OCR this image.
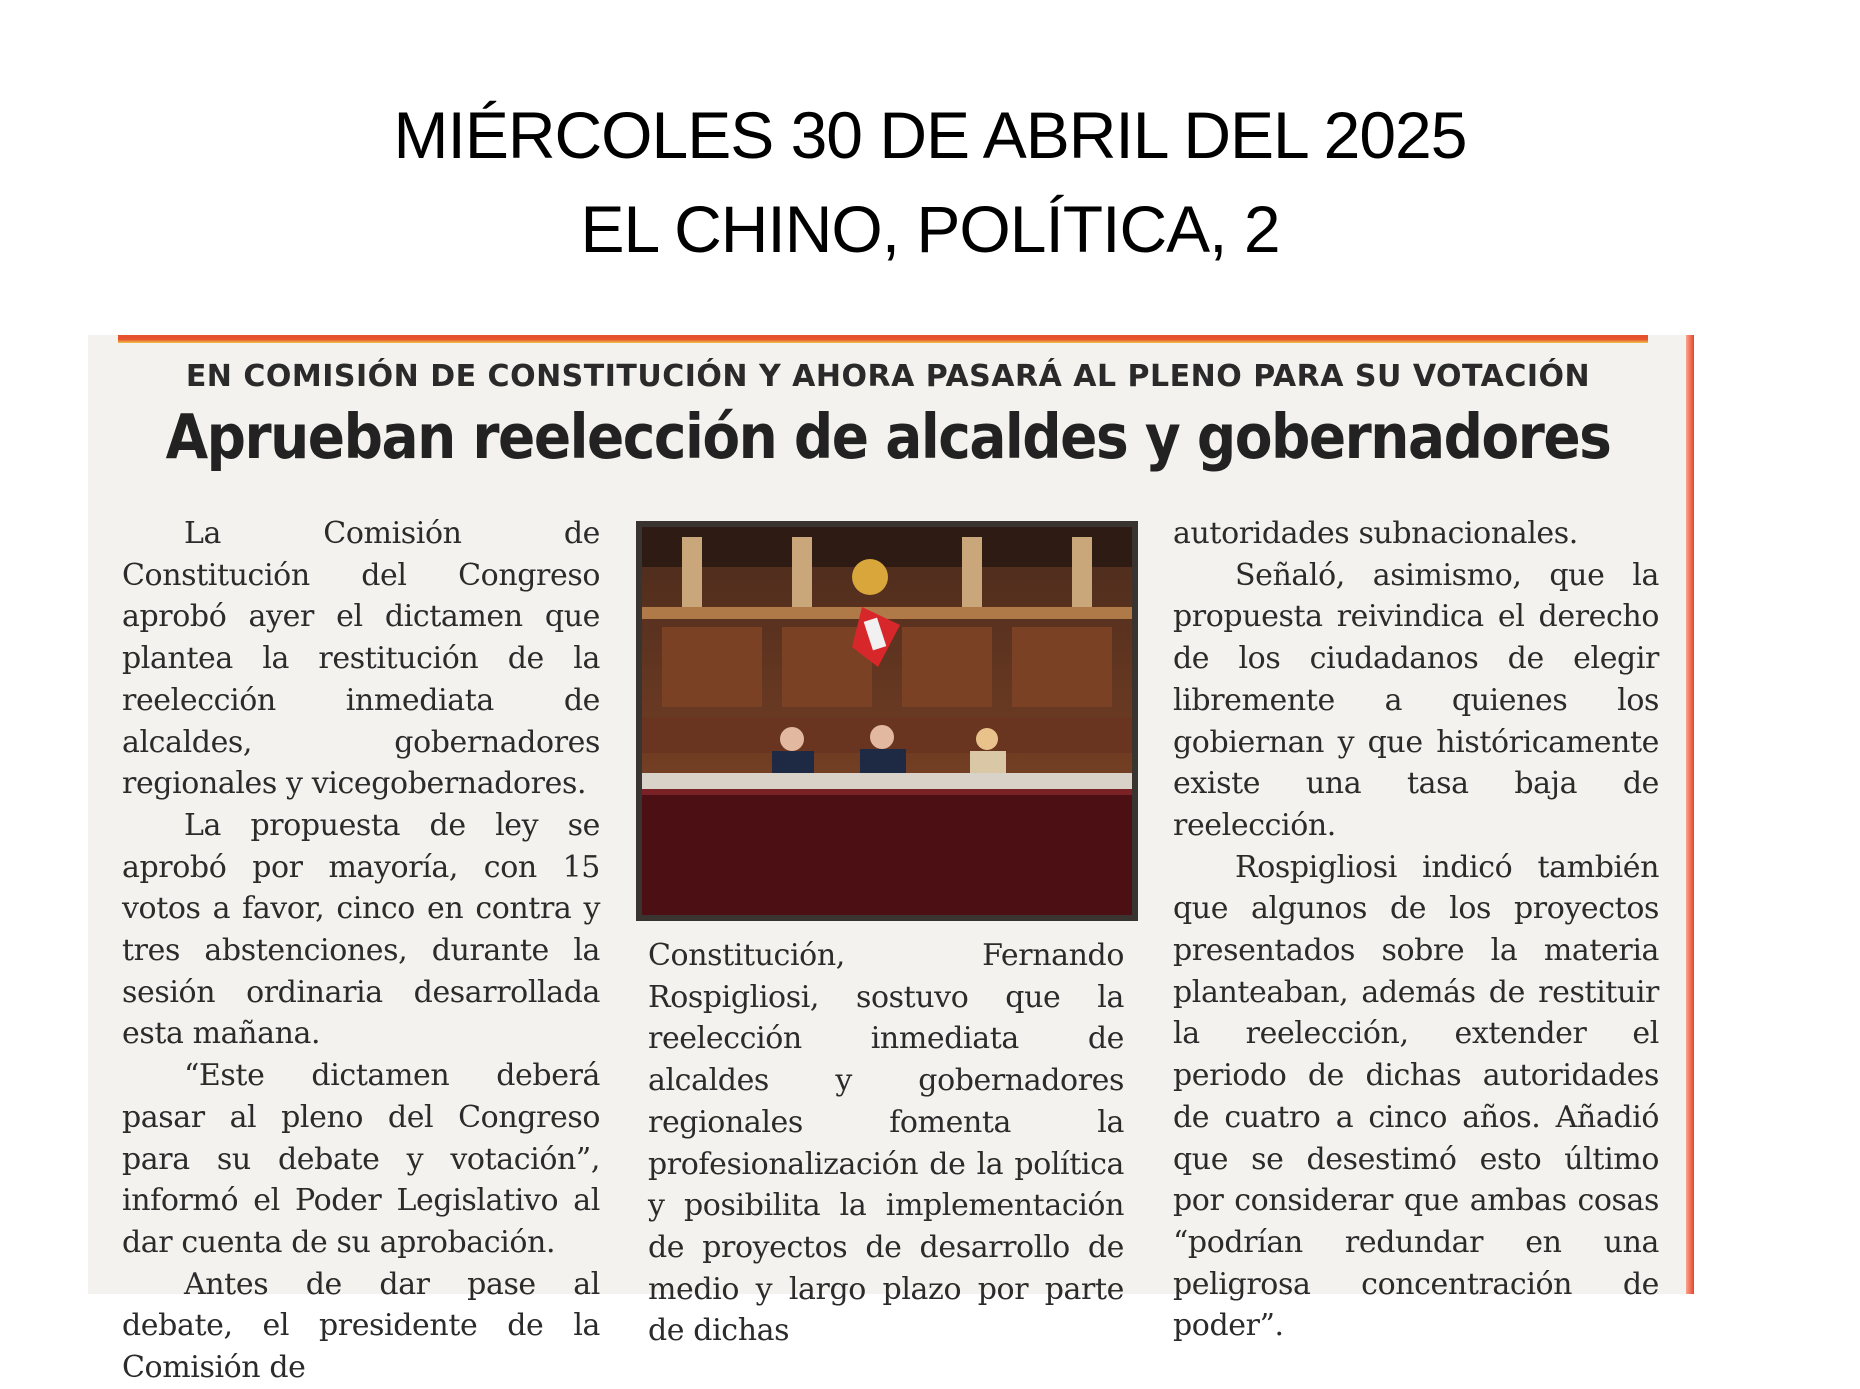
MIÉRCOLES 30 DE ABRIL DEL 2025
EL CHINO, POLÍTICA, 2
EN COMISIÓN DE CONSTITUCIÓN Y AHORA PASARÁ AL PLENO PARA SU VOTACIÓN
Aprueban reelección de alcaldes y gobernadores

La Comisión de Constitución del Congreso aprobó ayer el dictamen que plantea la restitución de la reelección inmediata de alcaldes, gobernadores regionales y vicegobernadores.

La propuesta de ley se aprobó por mayoría, con 15 votos a favor, cinco en contra y tres abstenciones, durante la sesión ordinaria desarrollada esta mañana.

“Este dictamen deberá pasar al pleno del Congreso para su debate y votación”, informó el Poder Legislativo al dar cuenta de su aprobación.

Antes de dar pase al debate, el presidente de la Comisión de

Constitución, Fernando Rospigliosi, sostuvo que la reelección inmediata de alcaldes y gobernadores regionales fomenta la profesionalización de la política y posibilita la implementación de proyectos de desarrollo de medio y largo plazo por parte de dichas

autoridades subnacionales.

Señaló, asimismo, que la propuesta reivindica el derecho de los ciudadanos de elegir libremente a quienes los gobiernan y que históricamente existe una tasa baja de reelección.

Rospigliosi indicó también que algunos de los proyectos presentados sobre la materia planteaban, además de restituir la reelección, extender el periodo de dichas autoridades de cuatro a cinco años. Añadió que se desestimó esto último por considerar que ambas cosas “podrían redundar en una peligrosa concentración de poder”.
